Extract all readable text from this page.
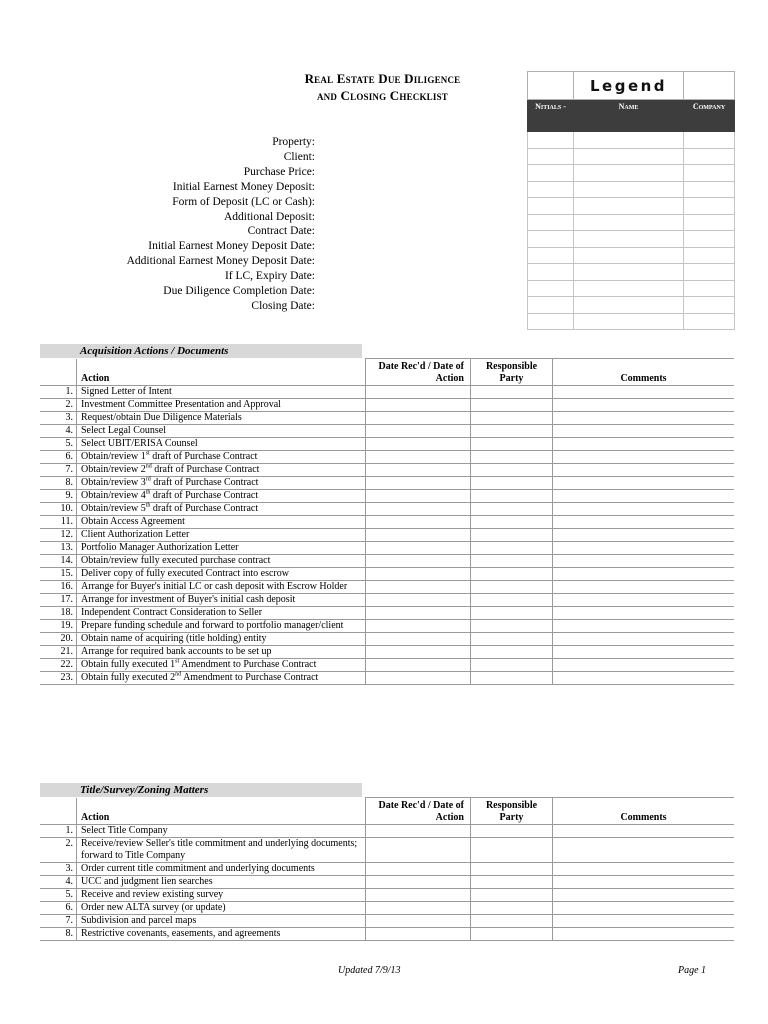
Real Estate Due Diligence
and Closing Checklist
	Legend	
Nitials -	Name	Company

Property:
Client:
Purchase Price:
Initial Earnest Money Deposit:
Form of Deposit (LC or Cash):
Additional Deposit:
Contract Date:
Initial Earnest Money Deposit Date:
Additional Earnest Money Deposit Date:
If LC, Expiry Date:
Due Diligence Completion Date:
Closing Date:
Acquisition Actions / Documents
	Action	Date Rec'd / Date of Action	Responsible Party	Comments
1.	Signed Letter of Intent			
2.	Investment Committee Presentation and Approval			
3.	Request/obtain Due Diligence Materials			
4.	Select Legal Counsel			
5.	Select UBIT/ERISA Counsel			
6.	Obtain/review 1st draft of Purchase Contract			
7.	Obtain/review 2nd draft of Purchase Contract			
8.	Obtain/review 3rd draft of Purchase Contract			
9.	Obtain/review 4th draft of Purchase Contract			
10.	Obtain/review 5th draft of Purchase Contract			
11.	Obtain Access Agreement			
12.	Client Authorization Letter			
13.	Portfolio Manager Authorization Letter			
14.	Obtain/review fully executed purchase contract			
15.	Deliver copy of fully executed Contract into escrow			
16.	Arrange for Buyer's initial LC or cash deposit with Escrow Holder			
17.	Arrange for investment of Buyer's initial cash deposit			
18.	Independent Contract Consideration to Seller			
19.	Prepare funding schedule and forward to portfolio manager/client			
20.	Obtain name of acquiring (title holding) entity			
21.	Arrange for required bank accounts to be set up			
22.	Obtain fully executed 1st Amendment to Purchase Contract			
23.	Obtain fully executed 2nd Amendment to Purchase Contract			
Title/Survey/Zoning Matters
	Action	Date Rec'd / Date of Action	Responsible Party	Comments
1.	Select Title Company			
2.	Receive/review Seller's title commitment and underlying documents; forward to Title Company			
3.	Order current title commitment and underlying documents			
4.	UCC and judgment lien searches			
5.	Receive and review existing survey			
6.	Order new ALTA survey (or update)			
7.	Subdivision and parcel maps			
8.	Restrictive covenants, easements, and agreements			
Updated 7/9/13	Page 1
